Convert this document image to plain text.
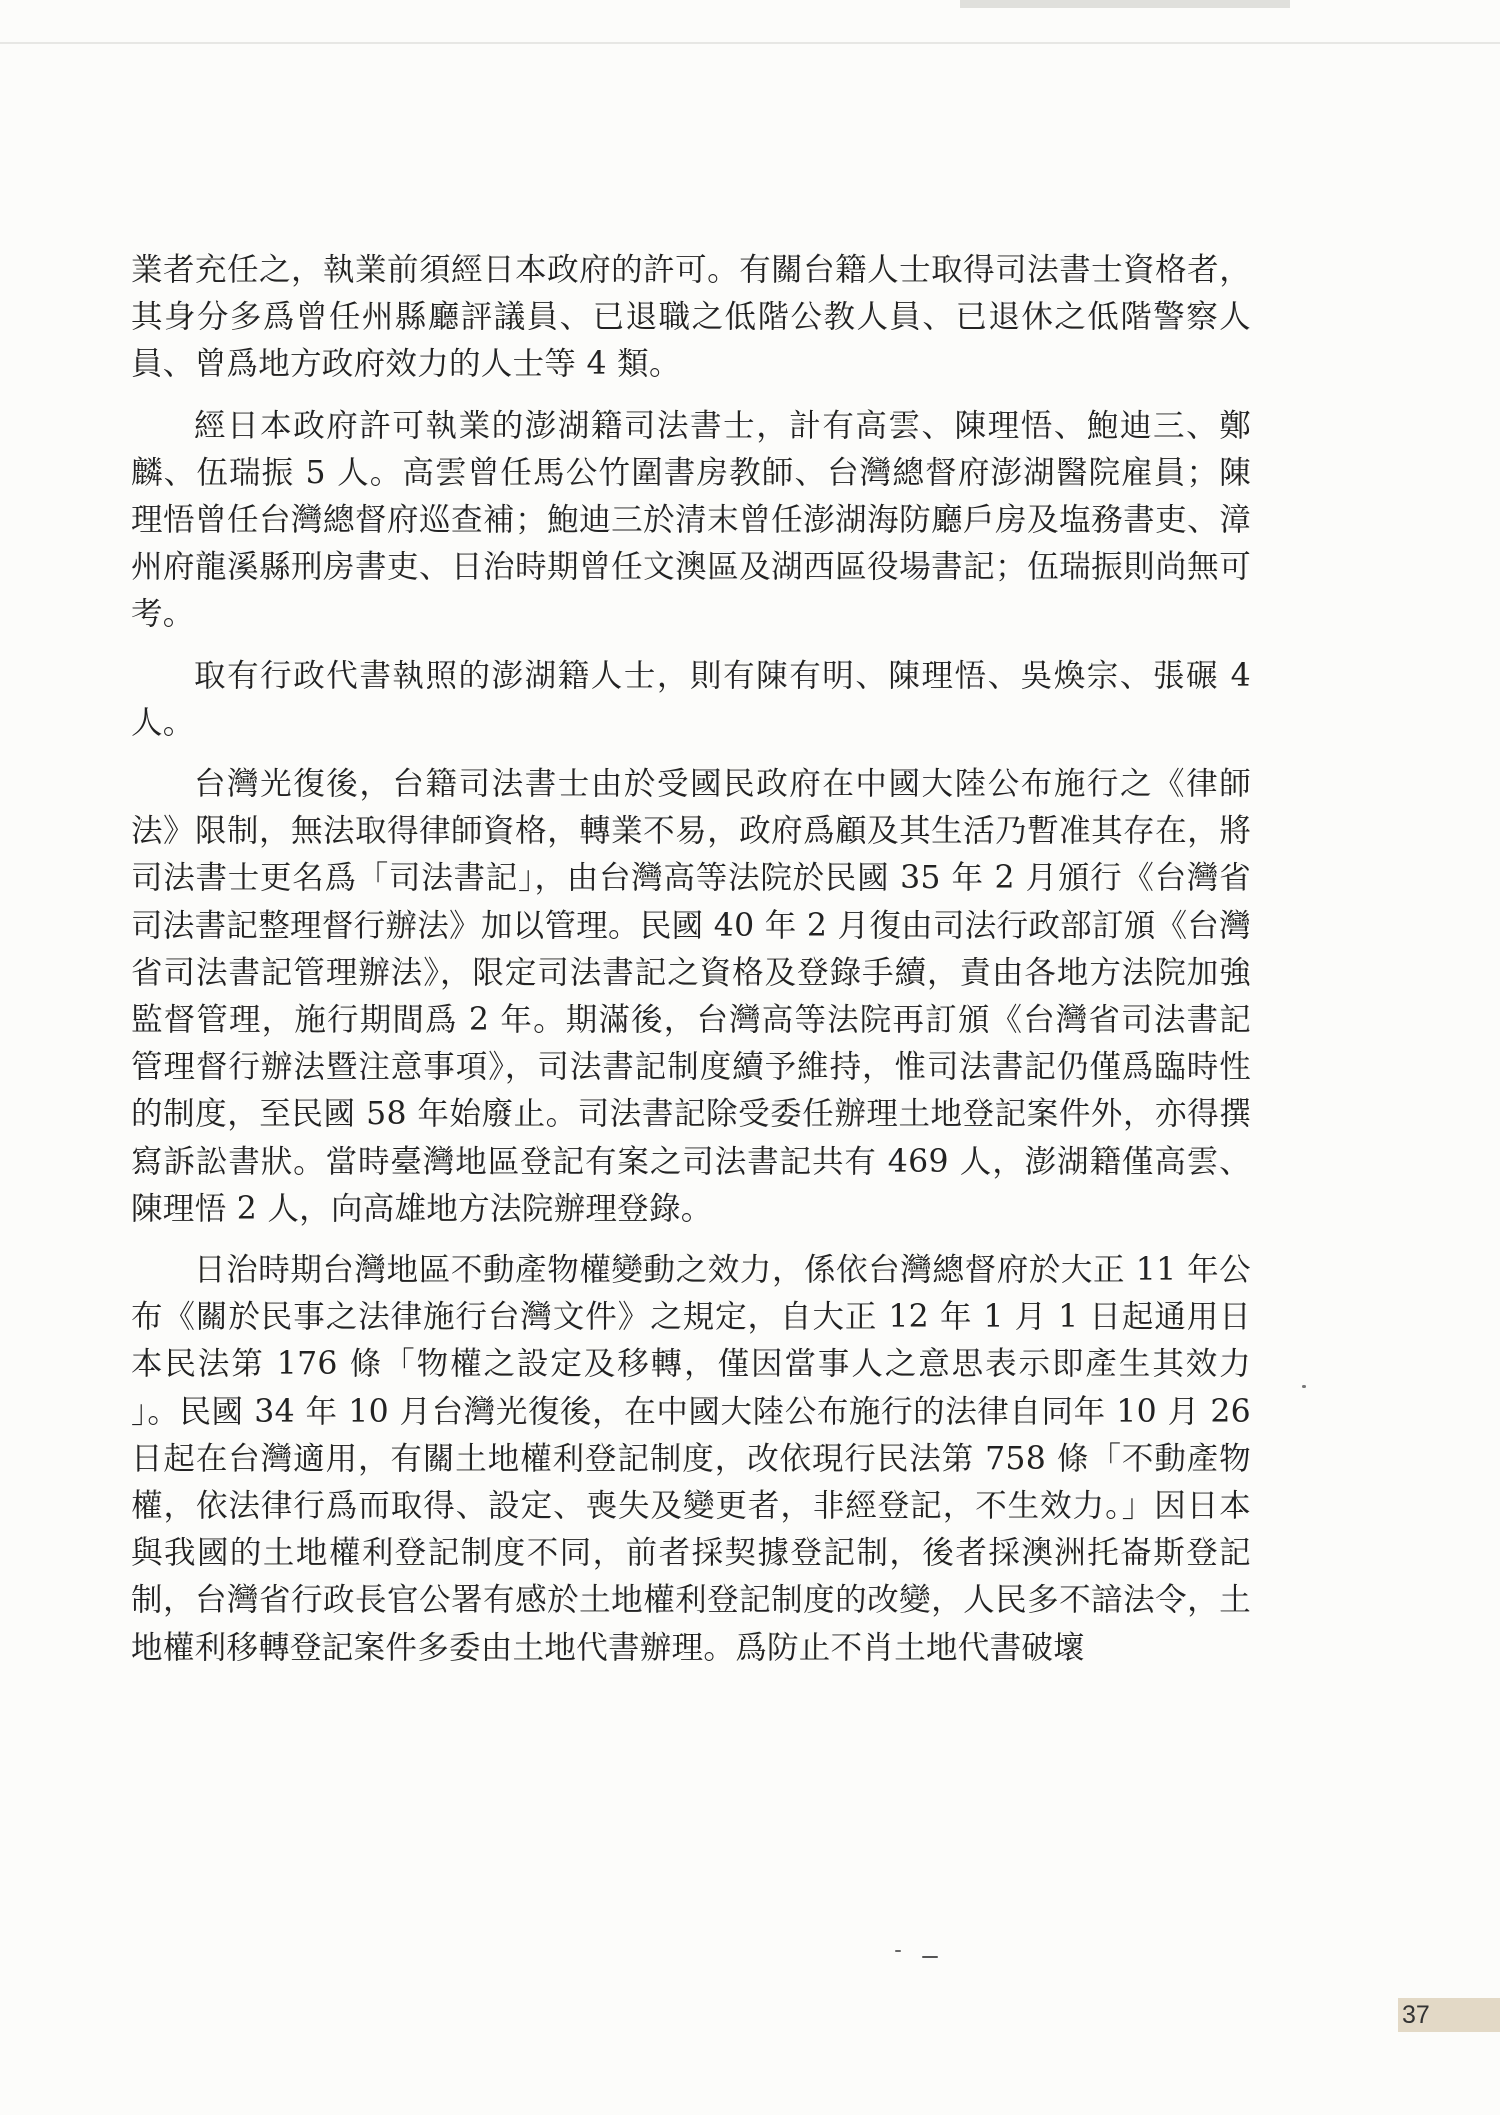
業者充任之，執業前須經日本政府的許可。有關台籍人士取得司法書士資格者，其身分多爲曾任州縣廳評議員、已退職之低階公教人員、已退休之低階警察人員、曾爲地方政府效力的人士等 4 類。

經日本政府許可執業的澎湖籍司法書士，計有高雲、陳理悟、鮑迪三、鄭麟、伍瑞振 5 人。高雲曾任馬公竹圍書房教師、台灣總督府澎湖醫院雇員；陳理悟曾任台灣總督府巡查補；鮑迪三於清末曾任澎湖海防廳戶房及塩務書吏、漳州府龍溪縣刑房書吏、日治時期曾任文澳區及湖西區役場書記；伍瑞振則尚無可考。

取有行政代書執照的澎湖籍人士，則有陳有明、陳理悟、吳煥宗、張碾 4 人。

台灣光復後，台籍司法書士由於受國民政府在中國大陸公布施行之《律師法》限制，無法取得律師資格，轉業不易，政府爲顧及其生活乃暫准其存在，將司法書士更名爲「司法書記」，由台灣高等法院於民國 35 年 2 月頒行《台灣省司法書記整理督行辦法》加以管理。民國 40 年 2 月復由司法行政部訂頒《台灣省司法書記管理辦法》，限定司法書記之資格及登錄手續，責由各地方法院加強監督管理，施行期間爲 2 年。期滿後，台灣高等法院再訂頒《台灣省司法書記管理督行辦法暨注意事項》，司法書記制度續予維持，惟司法書記仍僅爲臨時性的制度，至民國 58 年始廢止。司法書記除受委任辦理土地登記案件外，亦得撰寫訴訟書狀。當時臺灣地區登記有案之司法書記共有 469 人，澎湖籍僅高雲、陳理悟 2 人，向高雄地方法院辦理登錄。

日治時期台灣地區不動產物權變動之效力，係依台灣總督府於大正 11 年公布《關於民事之法律施行台灣文件》之規定，自大正 12 年 1 月 1 日起通用日本民法第 176 條「物權之設定及移轉，僅因當事人之意思表示即產生其效力 」。民國 34 年 10 月台灣光復後，在中國大陸公布施行的法律自同年 10 月 26 日起在台灣適用，有關土地權利登記制度，改依現行民法第 758 條「不動產物權，依法律行爲而取得、設定、喪失及變更者，非經登記，不生效力。」因日本與我國的土地權利登記制度不同，前者採契據登記制，後者採澳洲托崙斯登記制，台灣省行政長官公署有感於土地權利登記制度的改變，人民多不諳法令，土地權利移轉登記案件多委由土地代書辦理。爲防止不肖土地代書破壞

37
